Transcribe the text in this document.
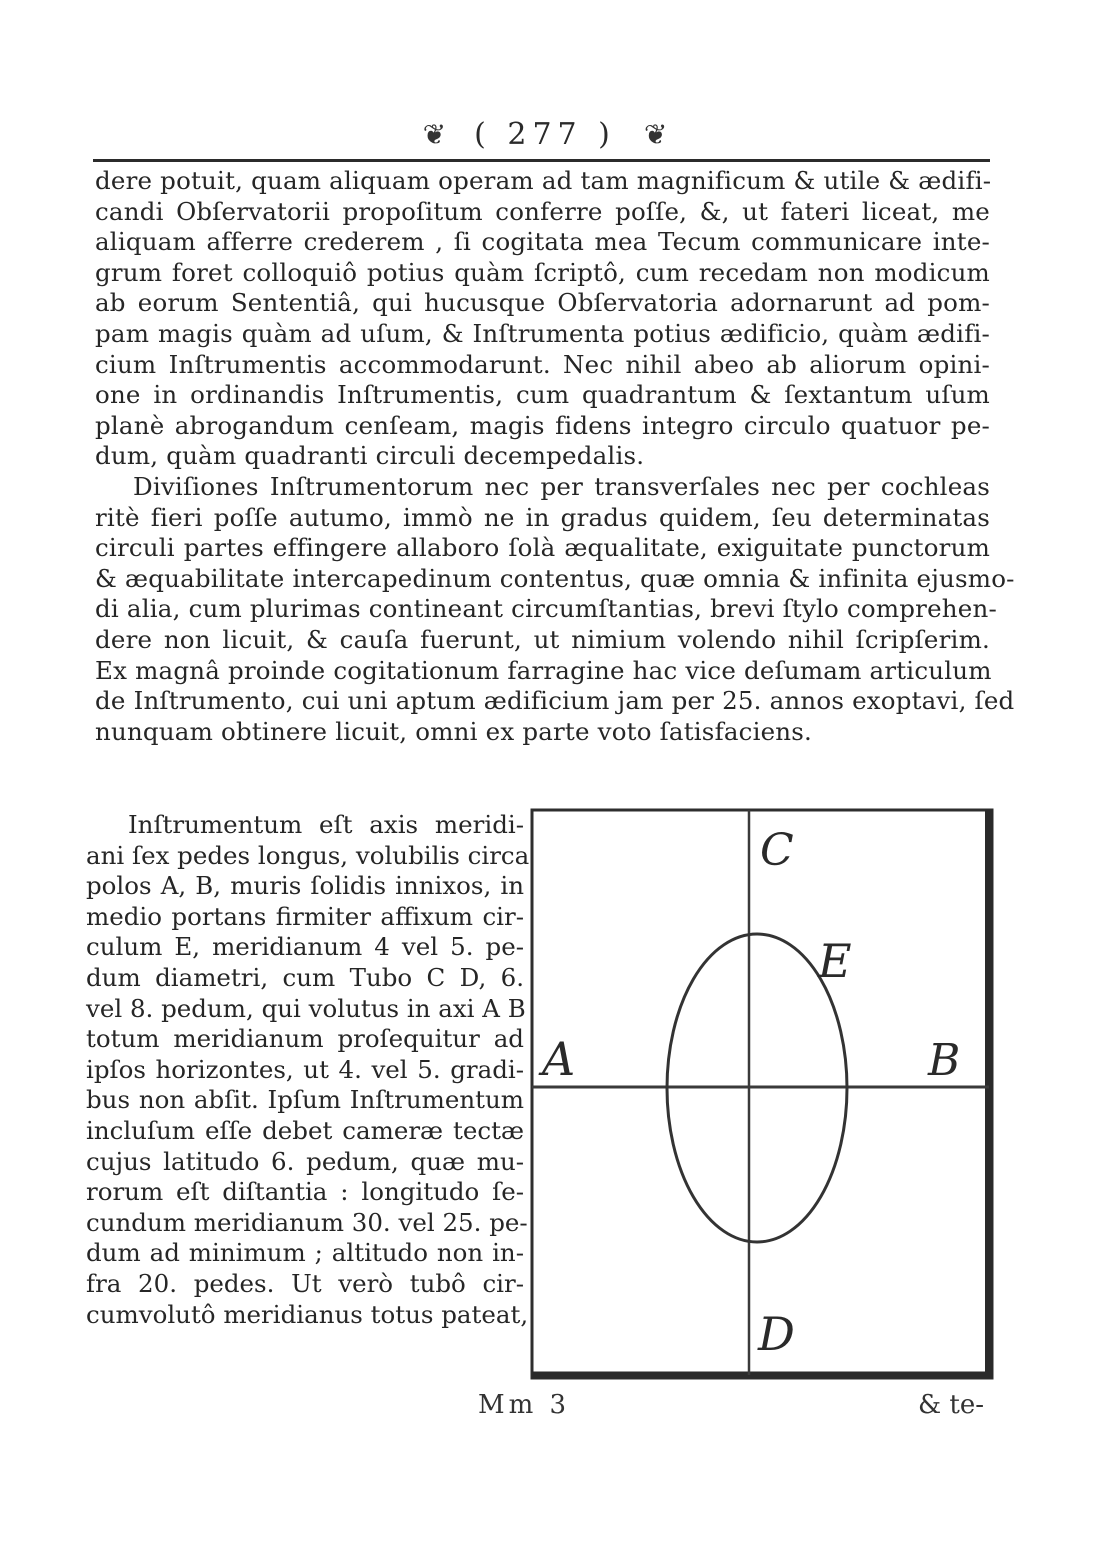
❦ ( 277 ) ❦
dere potuit, quam aliquam operam ad tam magnificum & utile & ædifi-
candi Obſervatorii propoſitum conferre poſſe, &, ut fateri liceat, me
aliquam afferre crederem , ſi cogitata mea Tecum communicare inte-
grum foret colloquiô potius quàm ſcriptô, cum recedam non modicum
ab eorum Sententiâ, qui hucusque Obſervatoria adornarunt ad pom-
pam magis quàm ad uſum, & Inſtrumenta potius ædificio, quàm ædifi-
cium Inſtrumentis accommodarunt. Nec nihil abeo ab aliorum opini-
one in ordinandis Inſtrumentis, cum quadrantum & ſextantum uſum
planè abrogandum cenſeam, magis fidens integro circulo quatuor pe-
dum, quàm quadranti circuli decempedalis.
Diviſiones Inſtrumentorum nec per transverſales nec per cochleas
ritè fieri poſſe autumo, immò ne in gradus quidem, ſeu determinatas
circuli partes effingere allaboro ſolà æqualitate, exiguitate punctorum
& æquabilitate intercapedinum contentus, quæ omnia & infinita ejusmo-
di alia, cum plurimas contineant circumſtantias, brevi ſtylo comprehen-
dere non licuit, & cauſa fuerunt, ut nimium volendo nihil ſcripſerim.
Ex magnâ proinde cogitationum farragine hac vice deſumam articulum
de Inſtrumento, cui uni aptum ædificium jam per 25. annos exoptavi, ſed
nunquam obtinere licuit, omni ex parte voto ſatisfaciens.
Inſtrumentum eſt axis meridi-
ani ſex pedes longus, volubilis circa
polos A, B, muris ſolidis innixos, in
medio portans firmiter affixum cir-
culum E, meridianum 4 vel 5. pe-
dum diametri, cum Tubo C D, 6.
vel 8. pedum, qui volutus in axi A B
totum meridianum proſequitur ad
ipſos horizontes, ut 4. vel 5. gradi-
bus non abſit. Ipſum Inſtrumentum
incluſum eſſe debet cameræ tectæ
cujus latitudo 6. pedum, quæ mu-
rorum eſt diſtantia : longitudo ſe-
cundum meridianum 30. vel 25. pe-
dum ad minimum ; altitudo non in-
fra 20. pedes. Ut verò tubô cir-
cumvolutô meridianus totus pateat,
C
E
A	B
D
Mm 3	& te-
